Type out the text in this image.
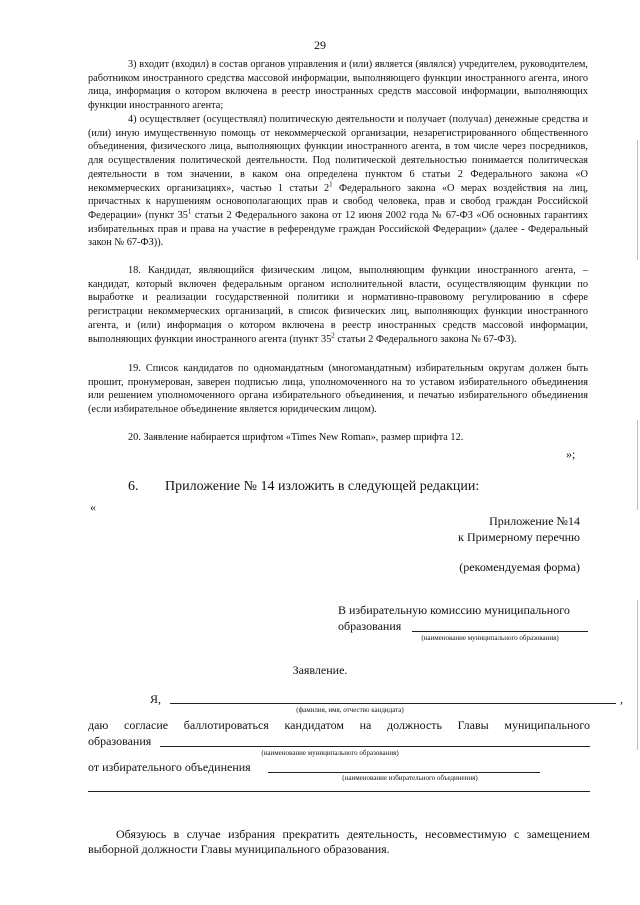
29
3) входит (входил) в состав органов управления и (или) является (являлся) учредителем, руководителем, работником иностранного средства массовой информации, выполняющего функции иностранного агента, иного лица, информация о котором включена в реестр иностранных средств массовой информации, выполняющих функции иностранного агента;
4) осуществляет (осуществлял) политическую деятельности и получает (получал) денежные средства и (или) иную имущественную помощь от некоммерческой организации, незарегистрированного общественного объединения, физического лица, выполняющих функции иностранного агента, в том числе через посредников, для осуществления политической деятельности. Под политической деятельностью понимается политическая деятельности в том значении, в каком она определена пунктом 6 статьи 2 Федерального закона «О некоммерческих организациях», частью 1 статьи $2^1$ Федерального закона «О мерах воздействия на лиц, причастных к нарушениям основополагающих прав и свобод человека, прав и свобод граждан Российской Федерации» (пункт $35^1$ статьи 2 Федерального закона от 12 июня 2002 года № 67-ФЗ «Об основных гарантиях избирательных прав и права на участие в референдуме граждан Российской Федерации» (далее - Федеральный закон № 67-ФЗ)).
18. Кандидат, являющийся физическим лицом, выполняющим функции иностранного агента, – кандидат, который включен федеральным органом исполнительной власти, осуществляющим функции по выработке и реализации государственной политики и нормативно-правовому регулированию в сфере регистрации некоммерческих организаций, в список физических лиц, выполняющих функции иностранного агента, и (или) информация о котором включена в реестр иностранных средств массовой информации, выполняющих функции иностранного агента (пункт $35^2$ статьи 2 Федерального закона № 67-ФЗ).
19. Список кандидатов по одномандатным (многомандатным) избирательным округам должен быть прошит, пронумерован, заверен подписью лица, уполномоченного на то уставом избирательного объединения или решением уполномоченного органа избирательного объединения, и печатью избирательного объединения (если избирательное объединение является юридическим лицом).
20. Заявление набирается шрифтом «Times New Roman», размер шрифта 12.
»;
6. Приложение № 14 изложить в следующей редакции:
«
Приложение №14
к Примерному перечню
(рекомендуемая форма)
В избирательную комиссию муниципального
образования
(наименование муниципального образования)
Заявление.
Я,	,
(фамилия, имя, отчество кандидата)
даю согласие баллотироваться кандидатом на должность Главы муниципального
образования
(наименование муниципального образования)
от избирательного объединения
(наименование избирательного объединения)
Обязуюсь в случае избрания прекратить деятельность, несовместимую с замещением выборной должности Главы муниципального образования.
